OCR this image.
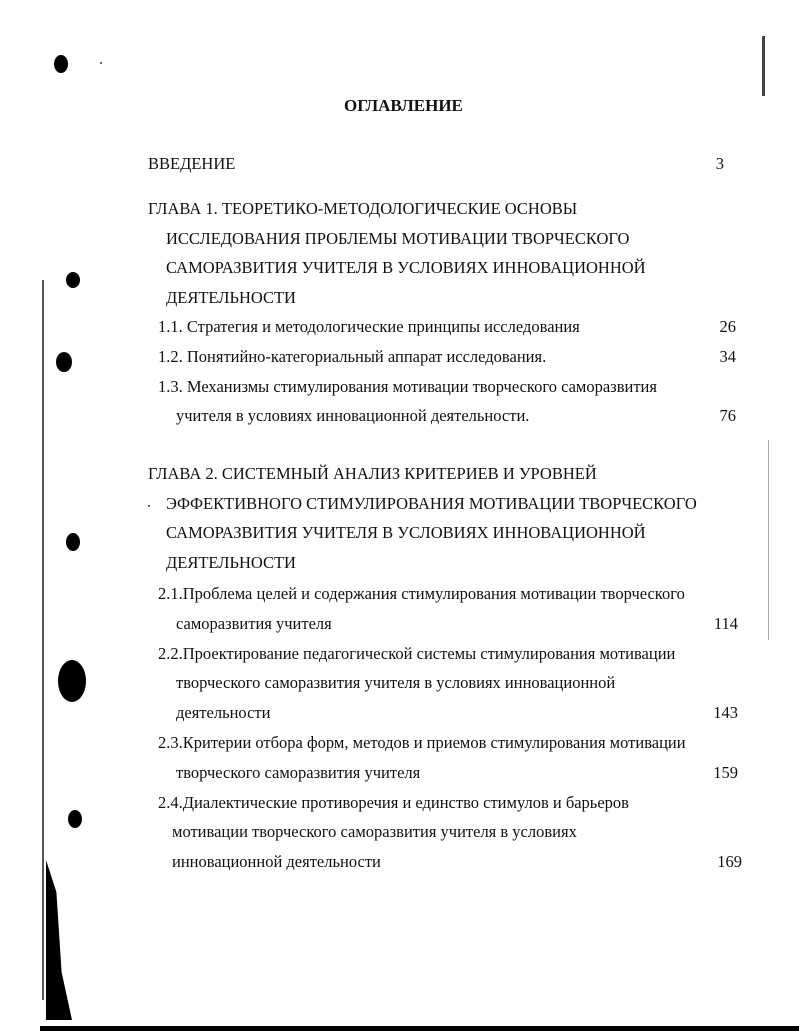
ОГЛАВЛЕНИЕ
ВВЕДЕНИЕ	3
ГЛАВА 1. ТЕОРЕТИКО-МЕТОДОЛОГИЧЕСКИЕ ОСНОВЫ
ИССЛЕДОВАНИЯ ПРОБЛЕМЫ МОТИВАЦИИ ТВОРЧЕСКОГО
САМОРАЗВИТИЯ УЧИТЕЛЯ В УСЛОВИЯХ ИННОВАЦИОННОЙ
ДЕЯТЕЛЬНОСТИ
1.1. Стратегия и методологические принципы исследования	26
1.2. Понятийно-категориальный аппарат исследования.	34
1.3. Механизмы стимулирования мотивации творческого саморазвития
учителя в условиях инновационной деятельности.	76
ГЛАВА 2. СИСТЕМНЫЙ АНАЛИЗ КРИТЕРИЕВ И УРОВНЕЙ
ЭФФЕКТИВНОГО СТИМУЛИРОВАНИЯ МОТИВАЦИИ ТВОРЧЕСКОГО
САМОРАЗВИТИЯ УЧИТЕЛЯ В УСЛОВИЯХ ИННОВАЦИОННОЙ
ДЕЯТЕЛЬНОСТИ
2.1.Проблема целей и содержания стимулирования мотивации творческого
саморазвития учителя	114
2.2.Проектирование педагогической системы стимулирования мотивации
творческого саморазвития учителя в условиях инновационной
деятельности	143
2.3.Критерии отбора форм, методов и приемов стимулирования мотивации
творческого саморазвития учителя	159
2.4.Диалектические противоречия и единство стимулов и барьеров
мотивации творческого саморазвития учителя в условиях
инновационной деятельности	169
